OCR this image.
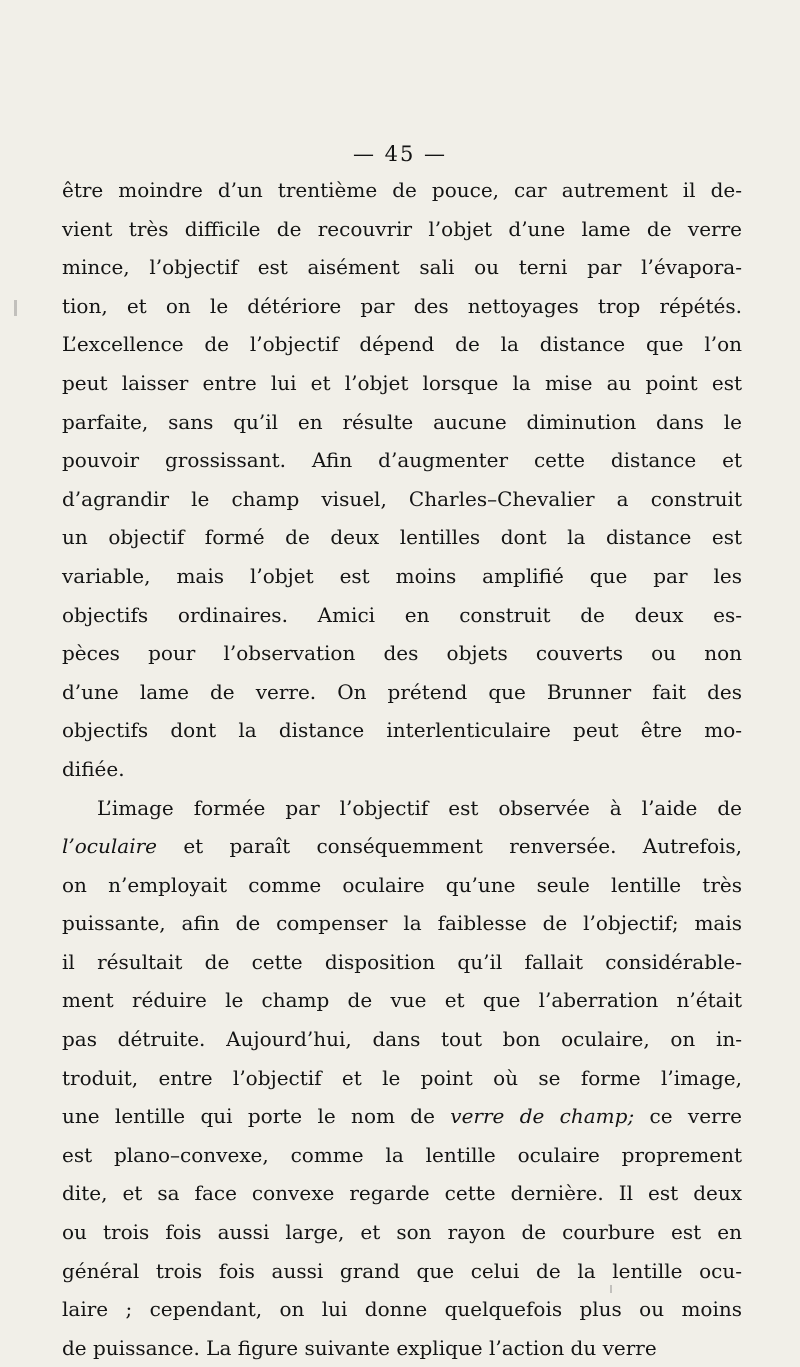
— 45 —
être moindre d’un trentième de pouce, car autrement il de-
vient très difficile de recouvrir l’objet d’une lame de verre
mince, l’objectif est aisément sali ou terni par l’évapora-
tion, et on le détériore par des nettoyages trop répétés.
L’excellence de l’objectif dépend de la distance que l’on
peut laisser entre lui et l’objet lorsque la mise au point est
parfaite, sans qu’il en résulte aucune diminution dans le
pouvoir grossissant. Afin d’augmenter cette distance et
d’agrandir le champ visuel, Charles–Chevalier a construit
un objectif formé de deux lentilles dont la distance est
variable, mais l’objet est moins amplifié que par les
objectifs ordinaires. Amici en construit de deux es-
pèces pour l’observation des objets couverts ou non
d’une lame de verre. On prétend que Brunner fait des
objectifs dont la distance interlenticulaire peut être mo-
difiée.
L’image formée par l’objectif est observée à l’aide de
l’oculaire et paraît conséquemment renversée. Autrefois,
on n’employait comme oculaire qu’une seule lentille très
puissante, afin de compenser la faiblesse de l’objectif; mais
il résultait de cette disposition qu’il fallait considérable-
ment réduire le champ de vue et que l’aberration n’était
pas détruite. Aujourd’hui, dans tout bon oculaire, on in-
troduit, entre l’objectif et le point où se forme l’image,
une lentille qui porte le nom de verre de champ; ce verre
est plano–convexe, comme la lentille oculaire proprement
dite, et sa face convexe regarde cette dernière. Il est deux
ou trois fois aussi large, et son rayon de courbure est en
général trois fois aussi grand que celui de la lentille ocu-
laire ; cependant, on lui donne quelquefois plus ou moins
de puissance. La figure suivante explique l’action du verre
